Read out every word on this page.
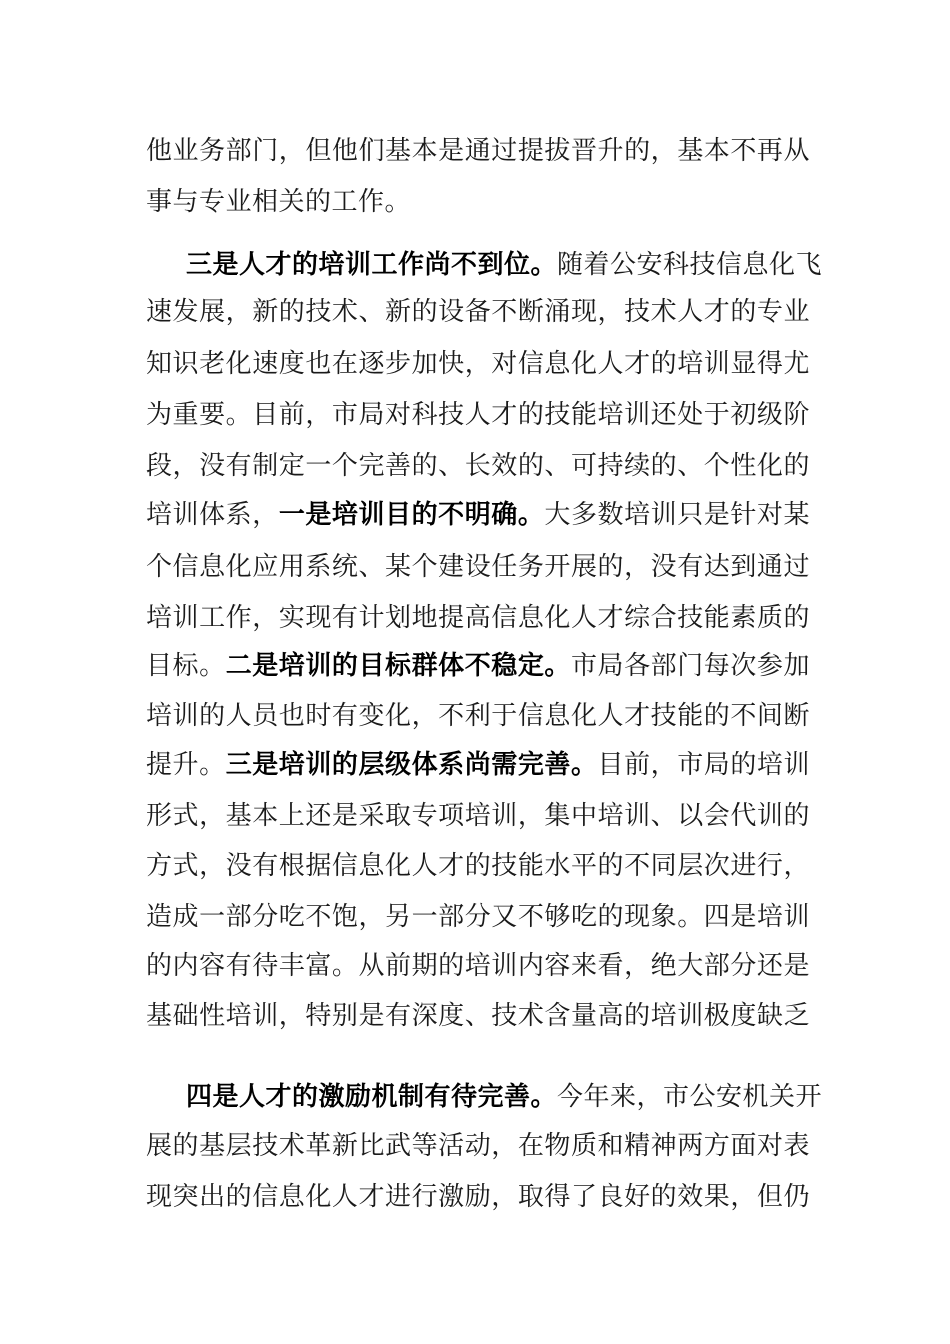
他业务部门，但他们基本是通过提拔晋升的，基本不再从
事与专业相关的工作。
三是人才的培训工作尚不到位。随着公安科技信息化飞
速发展，新的技术、新的设备不断涌现，技术人才的专业
知识老化速度也在逐步加快，对信息化人才的培训显得尤
为重要。目前，市局对科技人才的技能培训还处于初级阶
段，没有制定一个完善的、长效的、可持续的、个性化的
培训体系，一是培训目的不明确。大多数培训只是针对某
个信息化应用系统、某个建设任务开展的，没有达到通过
培训工作，实现有计划地提高信息化人才综合技能素质的
目标。二是培训的目标群体不稳定。市局各部门每次参加
培训的人员也时有变化，不利于信息化人才技能的不间断
提升。三是培训的层级体系尚需完善。目前，市局的培训
形式，基本上还是采取专项培训，集中培训、以会代训的
方式，没有根据信息化人才的技能水平的不同层次进行，
造成一部分吃不饱，另一部分又不够吃的现象。四是培训
的内容有待丰富。从前期的培训内容来看，绝大部分还是
基础性培训，特别是有深度、技术含量高的培训极度缺乏
四是人才的激励机制有待完善。今年来，市公安机关开
展的基层技术革新比武等活动，在物质和精神两方面对表
现突出的信息化人才进行激励，取得了良好的效果，但仍
